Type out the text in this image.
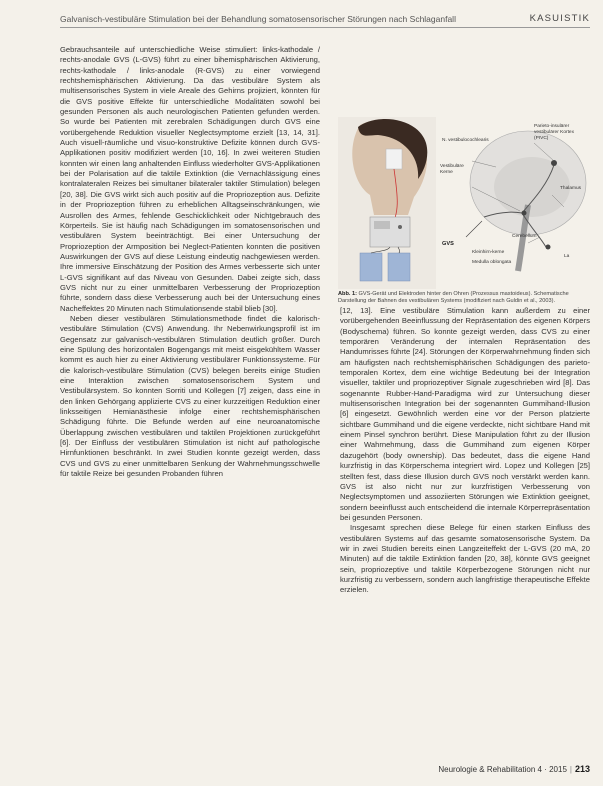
Galvanisch-vestibuläre Stimulation bei der Behandlung somatosensorischer Störungen nach Schlaganfall	KASUISTIK

Gebrauchsanteile auf unterschiedliche Weise stimuliert: links-kathodale / rechts-anodale GVS (L-GVS) führt zu einer bihemisphärischen Aktivierung, rechts-kathodale / links-anodale (R-GVS) zu einer vorwiegend rechtshemisphärischen Aktivierung. Da das vestibuläre System als multisensorisches System in viele Areale des Gehirns projiziert, könnten für die GVS positive Effekte für unterschiedliche Modalitäten sowohl bei gesunden Personen als auch neurologischen Patienten gefunden werden. So wurde bei Patienten mit zerebralen Schädigungen durch GVS eine vorübergehende Reduktion visueller Neglectsymptome erzielt [13, 14, 31]. Auch visuell-räumliche und visuo-konstruktive Defizite können durch GVS-Applikationen positiv modifiziert werden [10, 16]. In zwei weiteren Studien konnten wir einen lang anhaltenden Einfluss wiederholter GVS-Applikationen bei der Polarisation auf die taktile Extinktion (die Vernachlässigung eines kontralateralen Reizes bei simultaner bilateraler taktiler Stimulation) belegen [20, 38]. Die GVS wirkt sich auch positiv auf die Propriozeption aus. Defizite in der Propriozeption führen zu erheblichen Alltagseinschränkungen, wie Ausrollen des Armes, fehlende Geschicklichkeit oder Nichtgebrauch des Körperteils. Sie ist häufig nach Schädigungen im somatosensorischen und vestibulären System beeinträchtigt. Bei einer Untersuchung der Propriozeption der Armposition bei Neglect-Patienten konnten die positiven Auswirkungen der GVS auf diese Leistung eindeutig nachgewiesen werden. Ihre immersive Einschätzung der Position des Armes verbesserte sich unter L-GVS signifikant auf das Niveau von Gesunden. Dabei zeigte sich, dass GVS nicht nur zu einer unmittelbaren Verbesserung der Propriozeption führte, sondern dass diese Verbesserung auch bei der Untersuchung eines Nacheffektes 20 Minuten nach Stimulationsende stabil blieb [30].

Neben dieser vestibulären Stimulationsmethode findet die kalorisch-vestibuläre Stimulation (CVS) Anwendung. Ihr Nebenwirkungsprofil ist im Gegensatz zur galvanisch-vestibulären Stimulation deutlich größer. Durch eine Spülung des horizontalen Bogengangs mit meist eisgekühltem Wasser kommt es auch hier zu einer Aktivierung vestibulärer Funktionssysteme. Für die kalorisch-vestibuläre Stimulation (CVS) belegen bereits einige Studien eine Interaktion zwischen somatosensorischem System und Vestibulärsystem. So konnten Sorriti und Kollegen [7] zeigen, dass eine in den linken Gehörgang applizierte CVS zu einer kurzzeitigen Reduktion einer linksseitigen Hemianästhesie infolge einer rechtshemisphärischen Schädigung führte. Die Befunde werden auf eine neuroanatomische Überlappung zwischen vestibulären und taktilen Projektionen zurückgeführt [6]. Der Einfluss der vestibulären Stimulation ist nicht auf pathologische Hirnfunktionen beschränkt. In zwei Studien konnte gezeigt werden, dass CVS und GVS zu einer unmittelbaren Senkung der Wahrnehmungsschwelle für taktile Reize bei gesunden Probanden führen

Parieto-insulärer vestibulärer Kortex (PIVC)
N. vestibulocochlearis
Vestibuläre Kerne
Thalamus
Cerebellum
GVS
Kleinhirn-kerne
Medulla oblongata
La
Abb. 1: GVS-Gerät und Elektroden hinter den Ohren (Prozessus mastoideus). Schematische Darstellung der Bahnen des vestibulären Systems (modifiziert nach Guldin et al., 2003).

[12, 13]. Eine vestibuläre Stimulation kann außerdem zu einer vorübergehenden Beeinflussung der Repräsentation des eigenen Körpers (Bodyschema) führen. So konnte gezeigt werden, dass CVS zu einer temporären Veränderung der internalen Repräsentation des Handumrisses führte [24]. Störungen der Körperwahrnehmung finden sich am häufigsten nach rechtshemisphärischen Schädigungen des parieto-temporalen Kortex, dem eine wichtige Bedeutung bei der Integration visueller, taktiler und propriozeptiver Signale zugeschrieben wird [8]. Das sogenannte Rubber-Hand-Paradigma wird zur Untersuchung dieser multisensorischen Integration bei der sogenannten Gummihand-Illusion [6] eingesetzt. Gewöhnlich werden eine vor der Person platzierte sichtbare Gummihand und die eigene verdeckte, nicht sichtbare Hand mit einem Pinsel synchron berührt. Diese Manipulation führt zu der Illusion einer Wahrnehmung, dass die Gummihand zum eigenen Körper dazugehört (body ownership). Das bedeutet, dass die eigene Hand kurzfristig in das Körperschema integriert wird. Lopez und Kollegen [25] stellten fest, dass diese Illusion durch GVS noch verstärkt werden kann. GVS ist also nicht nur zur kurzfristigen Verbesserung von Neglectsymptomen und assoziierten Störungen wie Extinktion geeignet, sondern beeinflusst auch entscheidend die internale Körperrepräsentation bei gesunden Personen.

Insgesamt sprechen diese Belege für einen starken Einfluss des vestibulären Systems auf das gesamte somatosensorische System. Da wir in zwei Studien bereits einen Langzeiteffekt der L-GVS (20 mA, 20 Minuten) auf die taktile Extinktion fanden [20, 38], könnte GVS geeignet sein, propriozeptive und taktile Körperbezogene Störungen nicht nur kurzfristig zu verbessern, sondern auch langfristige therapeutische Effekte erzielen.

Neurologie & Rehabilitation 4 · 2015 | 213
